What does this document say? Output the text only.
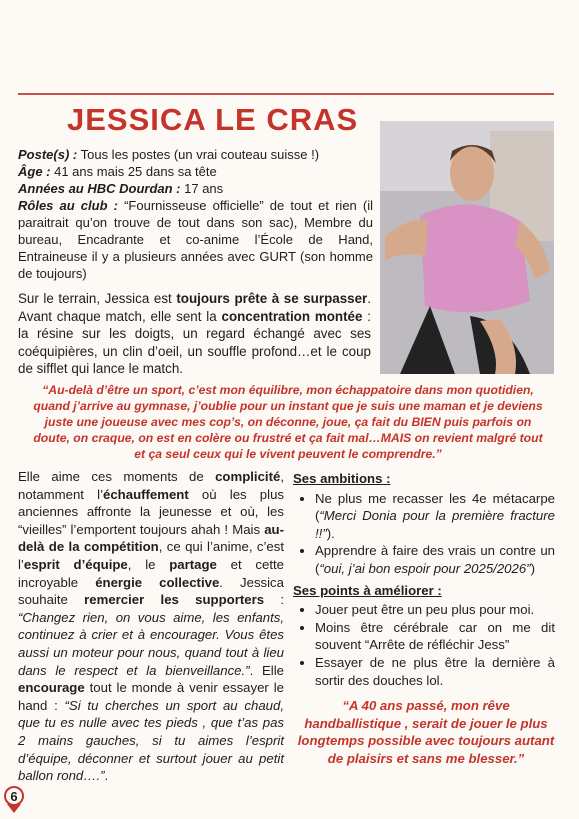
JESSICA LE CRAS

Poste(s) : Tous les postes (un vrai couteau suisse !)

Âge : 41 ans mais 25 dans sa tête

Années au HBC Dourdan : 17 ans

Rôles au club : “Fournisseuse officielle” de tout et rien (il paraitrait qu’on trouve de tout dans son sac), Membre du bureau, Encadrante et co-anime l’École de Hand, Entraineuse il y a plusieurs années avec GURT (son homme de toujours)

Sur le terrain, Jessica est toujours prête à se surpasser. Avant chaque match, elle sent la concentration montée : la résine sur les doigts, un regard échangé avec ses coéquipières, un clin d’oeil, un souffle profond…et le coup de sifflet qui lance le match.
“Au-delà d’être un sport, c’est mon équilibre, mon échappatoire dans mon quotidien, quand j’arrive au gymnase, j’oublie pour un instant que je suis une maman et je deviens juste une joueuse avec mes cop’s, on déconne, joue, ça fait du BIEN puis parfois on doute, on craque, on est en colère ou frustré et ça fait mal…MAIS on revient malgré tout et ça seul ceux qui le vivent peuvent le comprendre.”
Elle aime ces moments de complicité, notamment l’échauffement où les plus anciennes affronte la jeunesse et où, les “vieilles” l’emportent toujours ahah ! Mais au-delà de la compétition, ce qui l’anime, c’est l’esprit d’équipe, le partage et cette incroyable énergie collective. Jessica souhaite remercier les supporters : “Changez rien, on vous aime, les enfants, continuez à crier et à encourager. Vous êtes aussi un moteur pour nous, quand tout à lieu dans le respect et la bienveillance.”. Elle encourage tout le monde à venir essayer le hand : “Si tu cherches un sport au chaud, que tu es nulle avec tes pieds , que t’as pas 2 mains gauches, si tu aimes l’esprit d’équipe, déconner et surtout jouer au petit ballon rond….”.

Ses ambitions :

• Ne plus me recasser les 4e métacarpe (“Merci Donia pour la première fracture !!”).
• Apprendre à faire des vrais un contre un (“oui, j’ai bon espoir pour 2025/2026”)

Ses points à améliorer :

• Jouer peut être un peu plus pour moi.
• Moins être cérébrale car on me dit souvent “Arrête de réfléchir Jess”
• Essayer de ne plus être la dernière à sortir des douches lol.
“A 40 ans passé, mon rêve handballistique , serait de jouer le plus longtemps possible avec toujours autant de plaisirs et sans me blesser.”
6
